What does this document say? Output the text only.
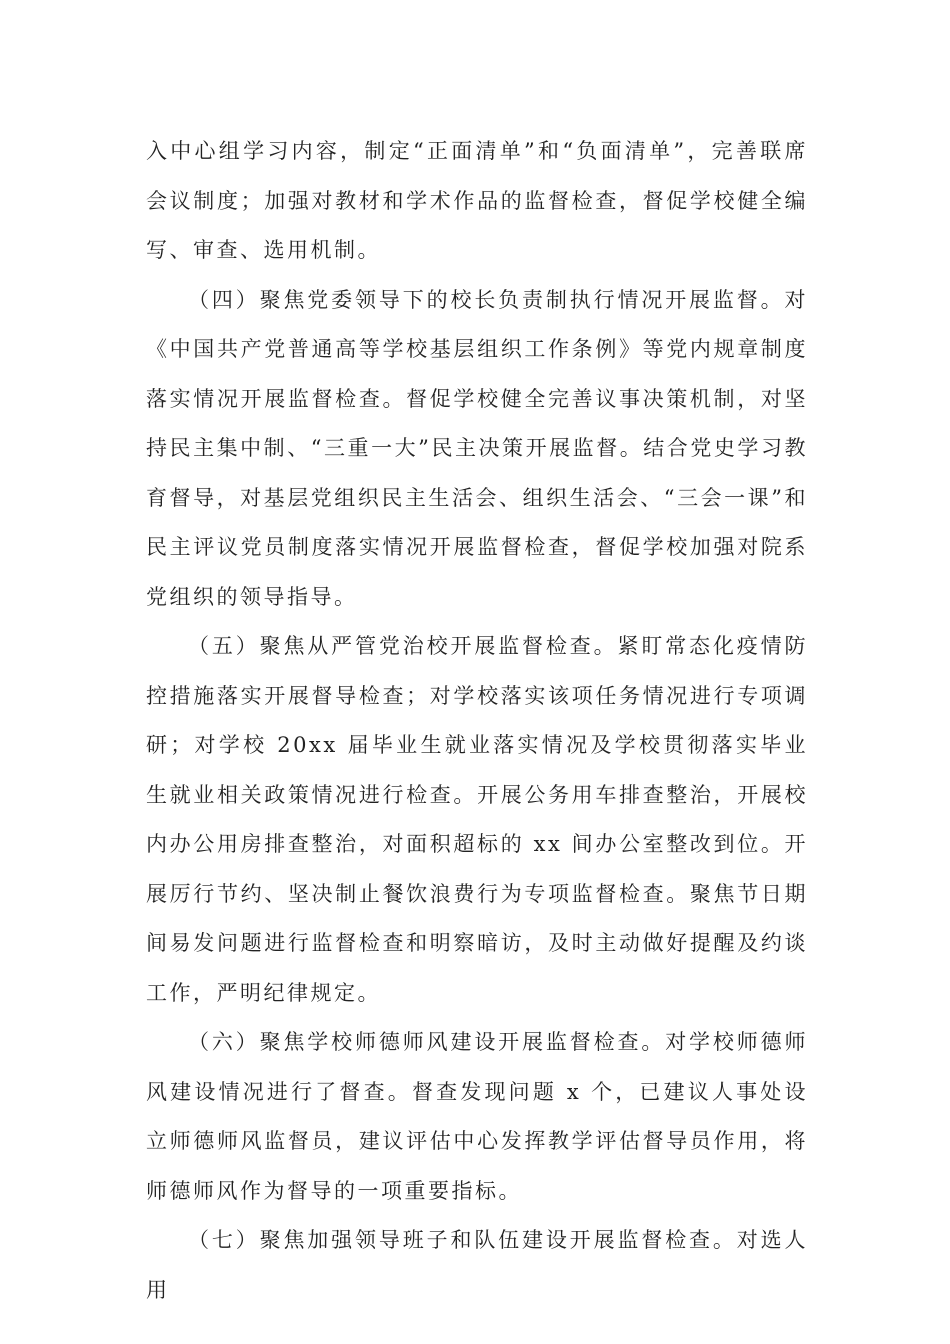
入中心组学习内容，制定“正面清单”和“负面清单”，完善联席会议制度；加强对教材和学术作品的监督检查，督促学校健全编写、审查、选用机制。

（四）聚焦党委领导下的校长负责制执行情况开展监督。对《中国共产党普通高等学校基层组织工作条例》等党内规章制度落实情况开展监督检查。督促学校健全完善议事决策机制，对坚持民主集中制、“三重一大”民主决策开展监督。结合党史学习教育督导，对基层党组织民主生活会、组织生活会、“三会一课”和民主评议党员制度落实情况开展监督检查，督促学校加强对院系党组织的领导指导。

（五）聚焦从严管党治校开展监督检查。紧盯常态化疫情防控措施落实开展督导检查；对学校落实该项任务情况进行专项调研；对学校 20xx 届毕业生就业落实情况及学校贯彻落实毕业生就业相关政策情况进行检查。开展公务用车排查整治，开展校内办公用房排查整治，对面积超标的 xx 间办公室整改到位。开展厉行节约、坚决制止餐饮浪费行为专项监督检查。聚焦节日期间易发问题进行监督检查和明察暗访，及时主动做好提醒及约谈工作，严明纪律规定。

（六）聚焦学校师德师风建设开展监督检查。对学校师德师风建设情况进行了督查。督查发现问题 x 个，已建议人事处设立师德师风监督员，建议评估中心发挥教学评估督导员作用，将师德师风作为督导的一项重要指标。

（七）聚焦加强领导班子和队伍建设开展监督检查。对选人用
